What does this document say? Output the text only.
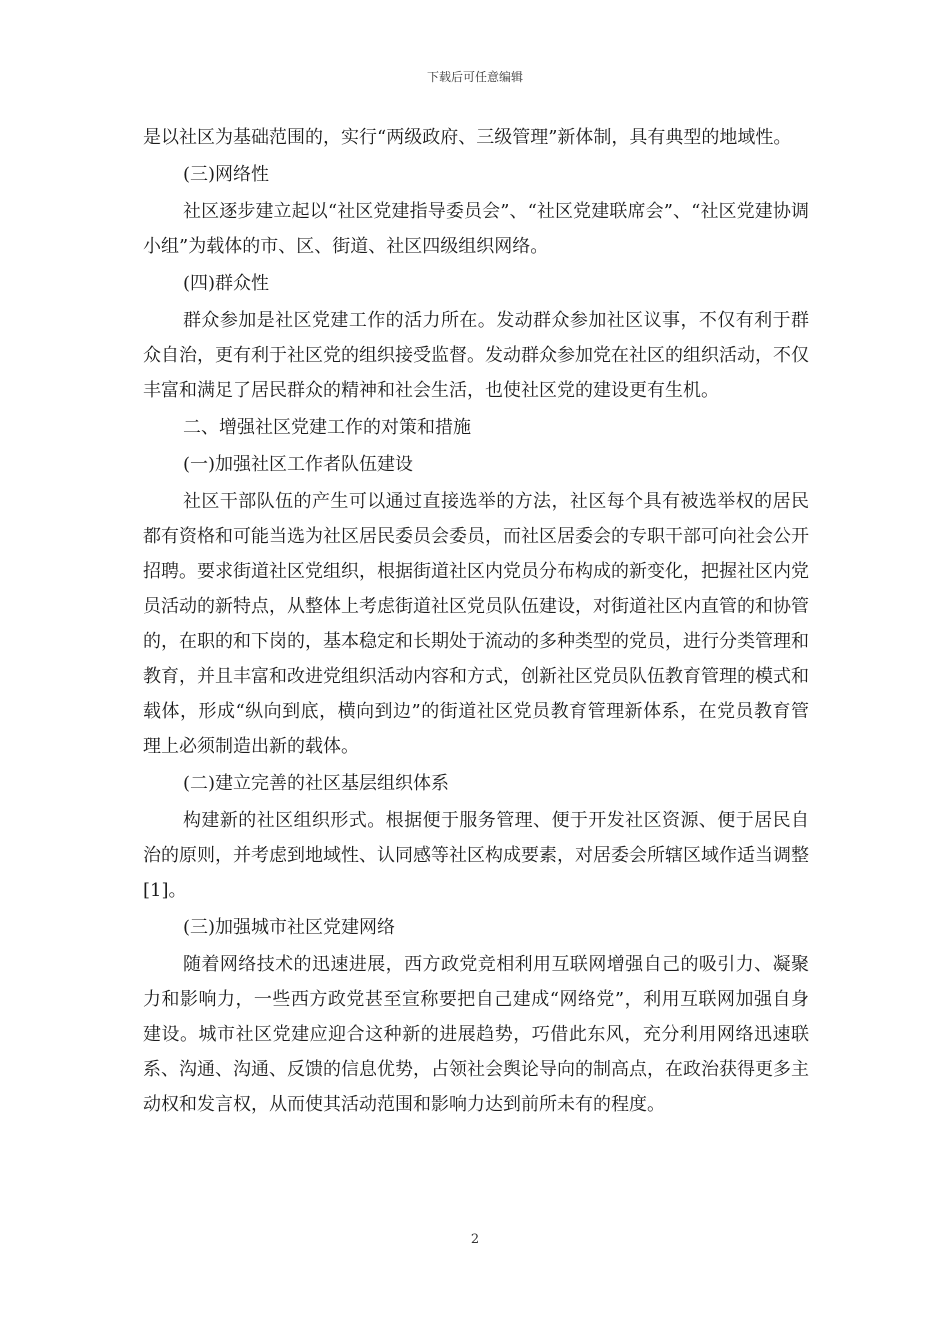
下载后可任意编辑

是以社区为基础范围的，实行“两级政府、三级管理”新体制，具有典型的地域性。

(三)网络性

社区逐步建立起以“社区党建指导委员会”、“社区党建联席会”、“社区党建协调小组”为载体的市、区、街道、社区四级组织网络。

(四)群众性

群众参加是社区党建工作的活力所在。发动群众参加社区议事，不仅有利于群众自治，更有利于社区党的组织接受监督。发动群众参加党在社区的组织活动，不仅丰富和满足了居民群众的精神和社会生活，也使社区党的建设更有生机。

二、增强社区党建工作的对策和措施

(一)加强社区工作者队伍建设

社区干部队伍的产生可以通过直接选举的方法，社区每个具有被选举权的居民都有资格和可能当选为社区居民委员会委员，而社区居委会的专职干部可向社会公开招聘。要求街道社区党组织，根据街道社区内党员分布构成的新变化，把握社区内党员活动的新特点，从整体上考虑街道社区党员队伍建设，对街道社区内直管的和协管的，在职的和下岗的，基本稳定和长期处于流动的多种类型的党员，进行分类管理和教育，并且丰富和改进党组织活动内容和方式，创新社区党员队伍教育管理的模式和载体，形成“纵向到底，横向到边”的街道社区党员教育管理新体系，在党员教育管理上必须制造出新的载体。

(二)建立完善的社区基层组织体系

构建新的社区组织形式。根据便于服务管理、便于开发社区资源、便于居民自治的原则，并考虑到地域性、认同感等社区构成要素，对居委会所辖区域作适当调整[1]。

(三)加强城市社区党建网络

随着网络技术的迅速进展，西方政党竞相利用互联网增强自己的吸引力、凝聚力和影响力，一些西方政党甚至宣称要把自己建成“网络党”，利用互联网加强自身建设。城市社区党建应迎合这种新的进展趋势，巧借此东风，充分利用网络迅速联系、沟通、沟通、反馈的信息优势，占领社会舆论导向的制高点，在政治获得更多主动权和发言权，从而使其活动范围和影响力达到前所未有的程度。

2
